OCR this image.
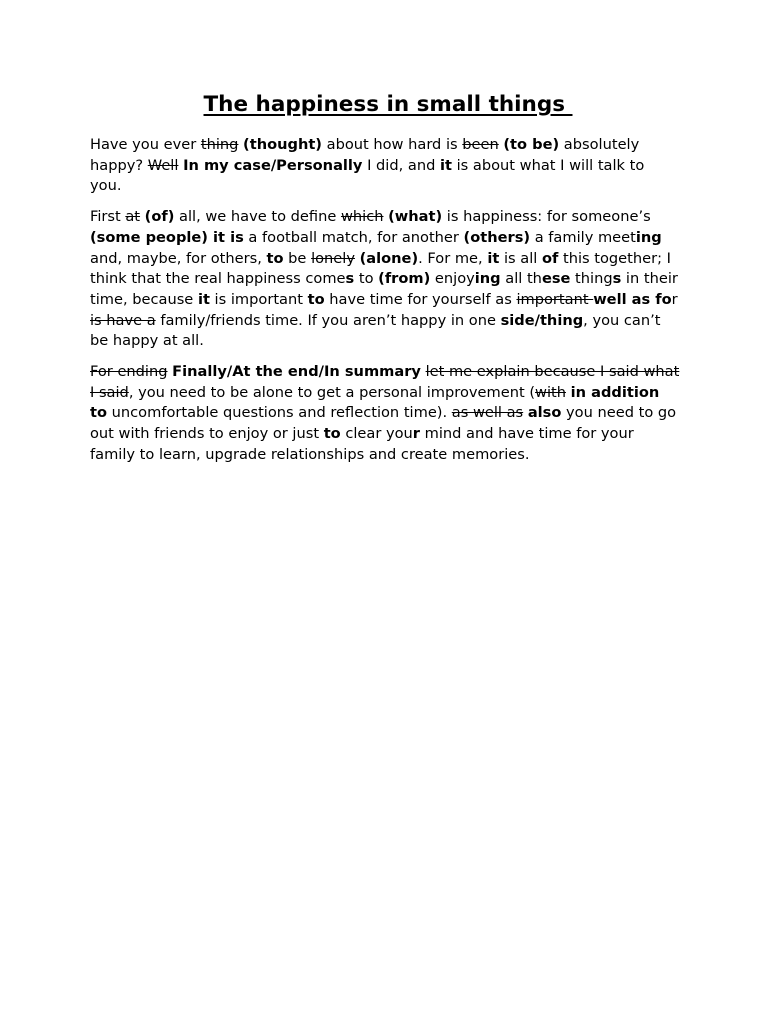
The happiness in small things

Have you ever thing (thought) about how hard is been (to be) absolutely happy? Well In my case/Personally I did, and it is about what I will talk to you.

First at (of) all, we have to define which (what) is happiness: for someone’s (some people) it is a football match, for another (others) a family meeting and, maybe, for others, to be lonely (alone). For me, it is all of this together; I think that the real happiness comes to (from) enjoying all these things in their time, because it is important to have time for yourself as important well as for is have a family/friends time. If you aren’t happy in one side/thing, you can’t be happy at all.

For ending Finally/At the end/In summary let me explain because I said what I said, you need to be alone to get a personal improvement (with in addition to uncomfortable questions and reflection time). as well as also you need to go out with friends to enjoy or just to clear your mind and have time for your family to learn, upgrade relationships and create memories.
